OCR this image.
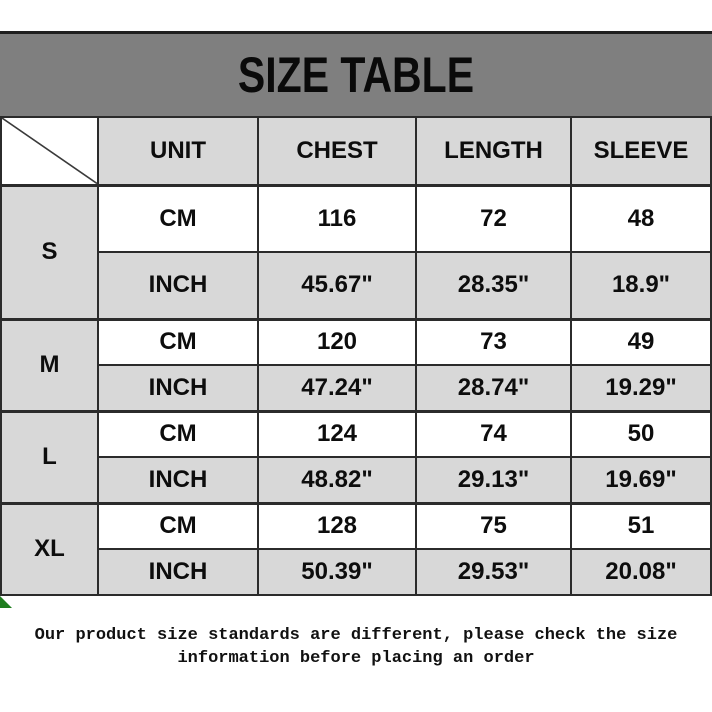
SIZE TABLE
	UNIT	CHEST	LENGTH	SLEEVE
S	CM	116	72	48
	INCH	45.67"	28.35"	18.9"
M	CM	120	73	49
	INCH	47.24"	28.74"	19.29"
L	CM	124	74	50
	INCH	48.82"	29.13"	19.69"
XL	CM	128	75	51
	INCH	50.39"	29.53"	20.08"
Our product size standards are different, please check the size
information before placing an order
